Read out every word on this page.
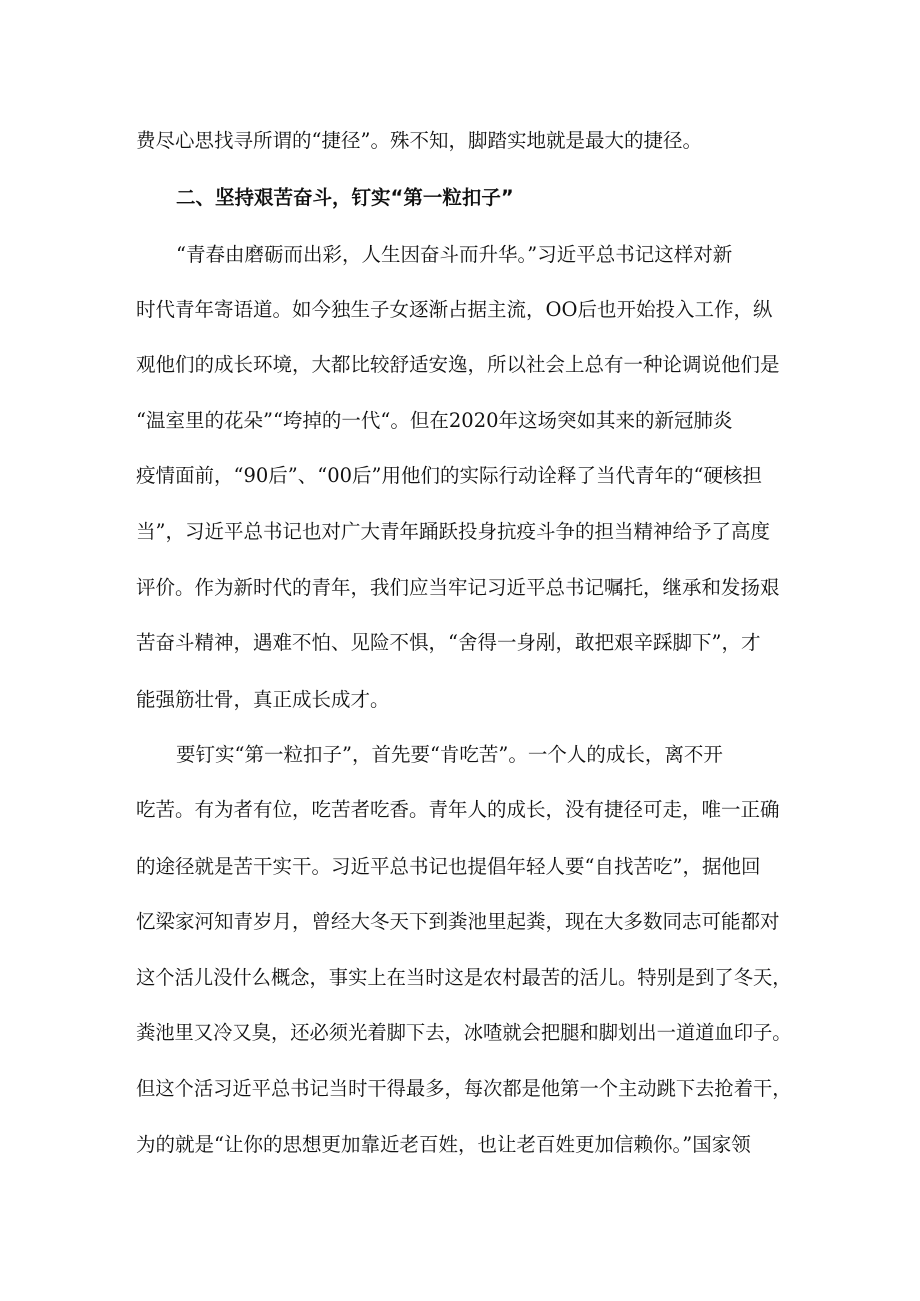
费尽心思找寻所谓的“捷径”。殊不知，脚踏实地就是最大的捷径。
二、坚持艰苦奋斗，钉实“第一粒扣子”
“青春由磨砺而出彩，人生因奋斗而升华。”习近平总书记这样对新
时代青年寄语道。如今独生子女逐渐占据主流，OO后也开始投入工作，纵
观他们的成长环境，大都比较舒适安逸，所以社会上总有一种论调说他们是
“温室里的花朵”“垮掉的一代“。但在2020年这场突如其来的新冠肺炎
疫情面前，“90后”、“00后”用他们的实际行动诠释了当代青年的“硬核担
当”，习近平总书记也对广大青年踊跃投身抗疫斗争的担当精神给予了高度
评价。作为新时代的青年，我们应当牢记习近平总书记嘱托，继承和发扬艰
苦奋斗精神，遇难不怕、见险不惧，“舍得一身剐，敢把艰辛踩脚下”，才
能强筋壮骨，真正成长成才。
要钉实“第一粒扣子”，首先要“肯吃苦”。一个人的成长，离不开
吃苦。有为者有位，吃苦者吃香。青年人的成长，没有捷径可走，唯一正确
的途径就是苦干实干。习近平总书记也提倡年轻人要“自找苦吃”，据他回
忆梁家河知青岁月，曾经大冬天下到粪池里起粪，现在大多数同志可能都对
这个活儿没什么概念，事实上在当时这是农村最苦的活儿。特别是到了冬天，
粪池里又冷又臭，还必须光着脚下去，冰喳就会把腿和脚划出一道道血印子。
但这个活习近平总书记当时干得最多，每次都是他第一个主动跳下去抢着干，
为的就是“让你的思想更加靠近老百姓，也让老百姓更加信赖你。”国家领
